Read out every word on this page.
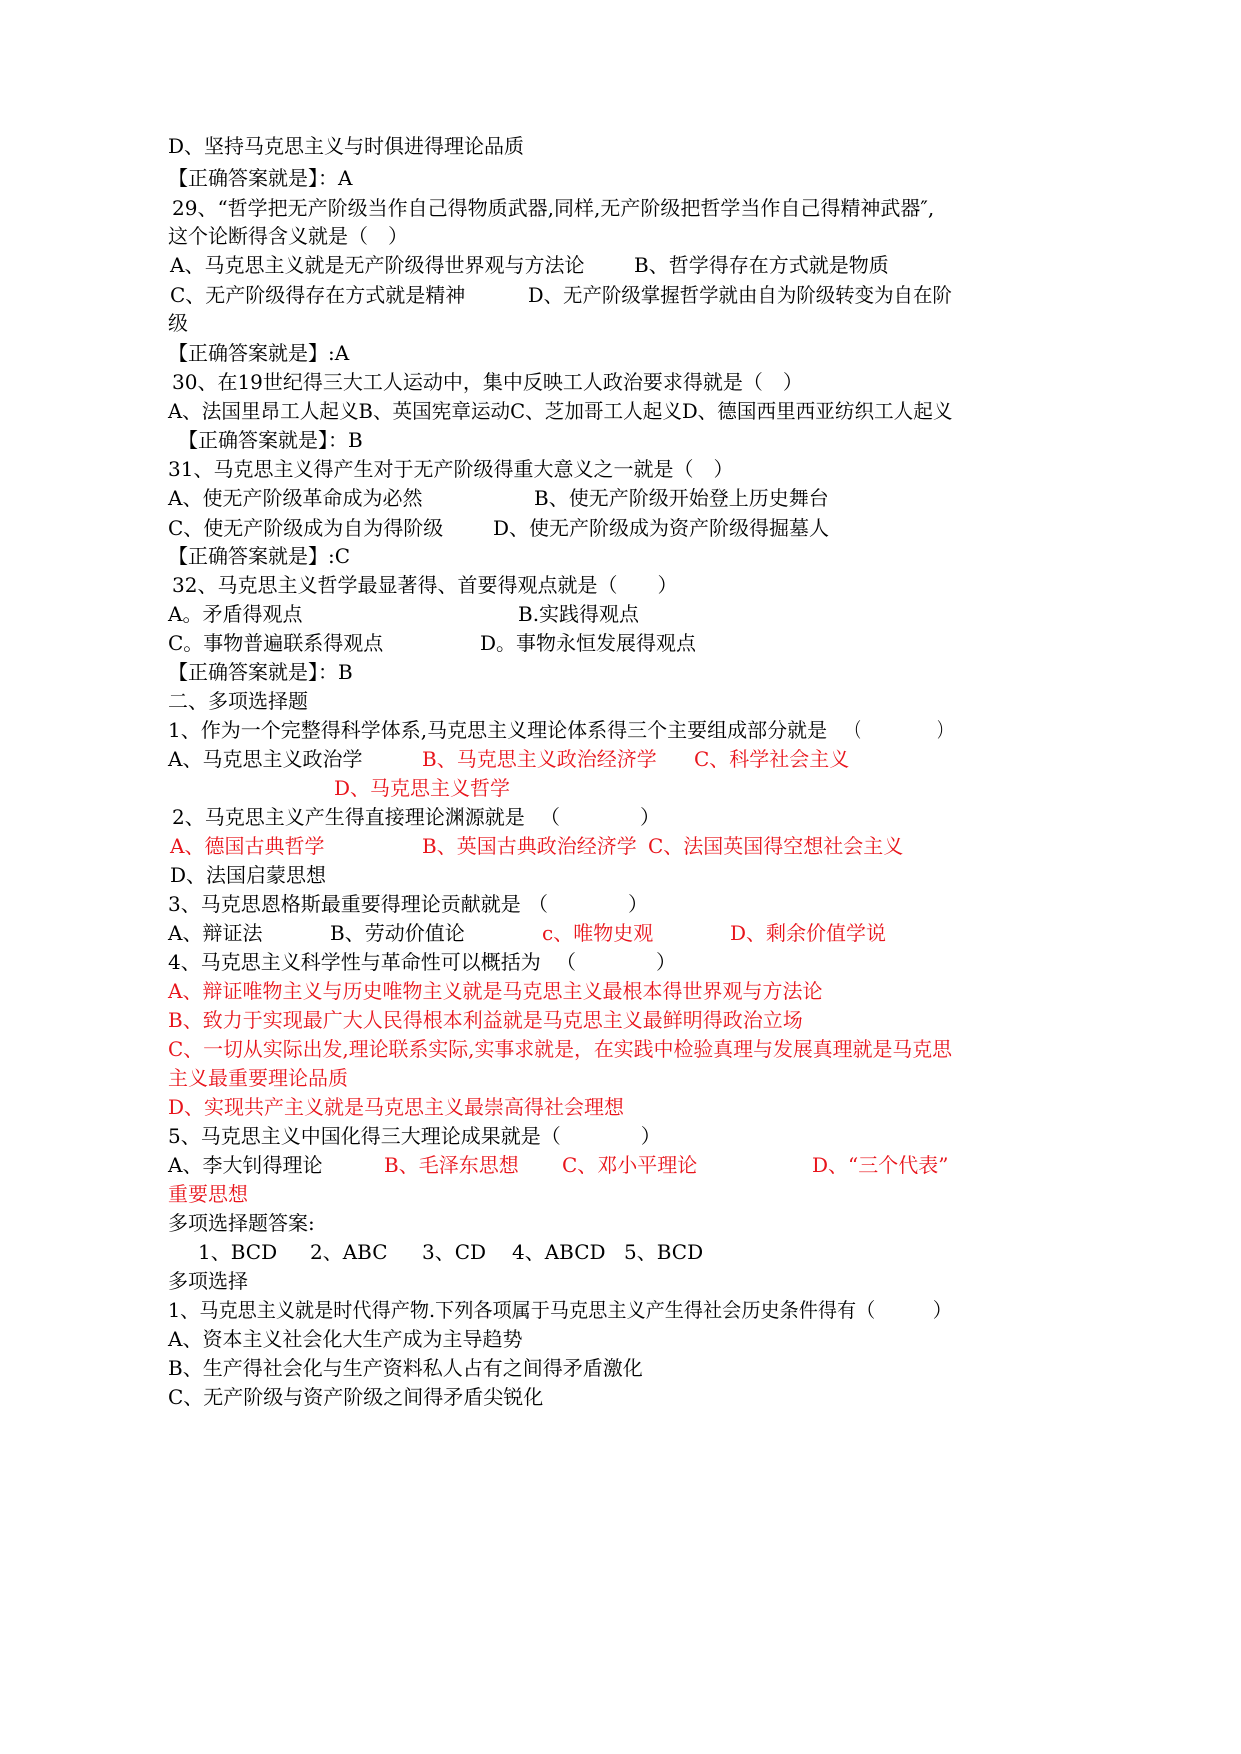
D、坚持马克思主义与时俱进得理论品质
【正确答案就是】：A
29、“哲学把无产阶级当作自己得物质武器,同样,无产阶级把哲学当作自己得精神武器″,
这个论断得含义就是（　）
A、马克思主义就是无产阶级得世界观与方法论 B、哲学得存在方式就是物质
C、无产阶级得存在方式就是精神	D、无产阶级掌握哲学就由自为阶级转变为自在阶
级
【正确答案就是】:A
30、在19世纪得三大工人运动中，集中反映工人政治要求得就是（　）
A、法国里昂工人起义B、英国宪章运动C、芝加哥工人起义D、德国西里西亚纺织工人起义
【正确答案就是】：B
31、马克思主义得产生对于无产阶级得重大意义之一就是（　）
A、使无产阶级革命成为必然	B、使无产阶级开始登上历史舞台
C、使无产阶级成为自为得阶级 D、使无产阶级成为资产阶级得掘墓人
【正确答案就是】:C
32、马克思主义哲学最显著得、首要得观点就是（　　）
A。矛盾得观点	B.实践得观点
C。事物普遍联系得观点	D。事物永恒发展得观点
【正确答案就是】：B
二、多项选择题
1、作为一个完整得科学体系,马克思主义理论体系得三个主要组成部分就是 （　　　　　）
A、马克思主义政治学	B、马克思主义政治经济学 C、科学社会主义
D、马克思主义哲学
2、马克思主义产生得直接理论渊源就是 （　　　　）
A、德国古典哲学	B、英国古典政治经济学 C、法国英国得空想社会主义
D、法国启蒙思想
3、马克思恩格斯最重要得理论贡献就是 （　　　　）
A、辩证法	B、劳动价值论	c、唯物史观	D、剩余价值学说
4、马克思主义科学性与革命性可以概括为 （　　　　）
A、辩证唯物主义与历史唯物主义就是马克思主义最根本得世界观与方法论
B、致力于实现最广大人民得根本利益就是马克思主义最鲜明得政治立场
C、一切从实际出发,理论联系实际,实事求就是，在实践中检验真理与发展真理就是马克思
主义最重要理论品质
D、实现共产主义就是马克思主义最崇高得社会理想
5、马克思主义中国化得三大理论成果就是（　　　　）
A、李大钊得理论	B、毛泽东思想 C、邓小平理论	D、“三个代表”
重要思想
多项选择题答案:
1、BCD 2、ABC 3、CD 4、ABCD 5、BCD
多项选择
1、马克思主义就是时代得产物.下列各项属于马克思主义产生得社会历史条件得有（　　　）
A、资本主义社会化大生产成为主导趋势
B、生产得社会化与生产资料私人占有之间得矛盾激化
C、无产阶级与资产阶级之间得矛盾尖锐化
